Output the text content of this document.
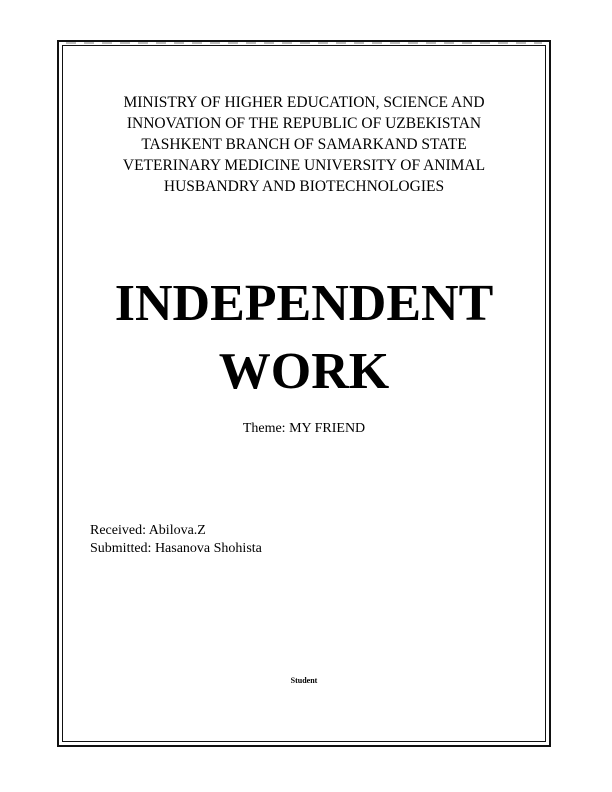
MINISTRY OF HIGHER EDUCATION, SCIENCE AND
INNOVATION OF THE REPUBLIC OF UZBEKISTAN
TASHKENT BRANCH OF SAMARKAND STATE
VETERINARY MEDICINE UNIVERSITY OF ANIMAL
HUSBANDRY AND BIOTECHNOLOGIES
INDEPENDENT
WORK
Theme: MY FRIEND
Received: Abilova.Z
Submitted: Hasanova Shohista
Student
